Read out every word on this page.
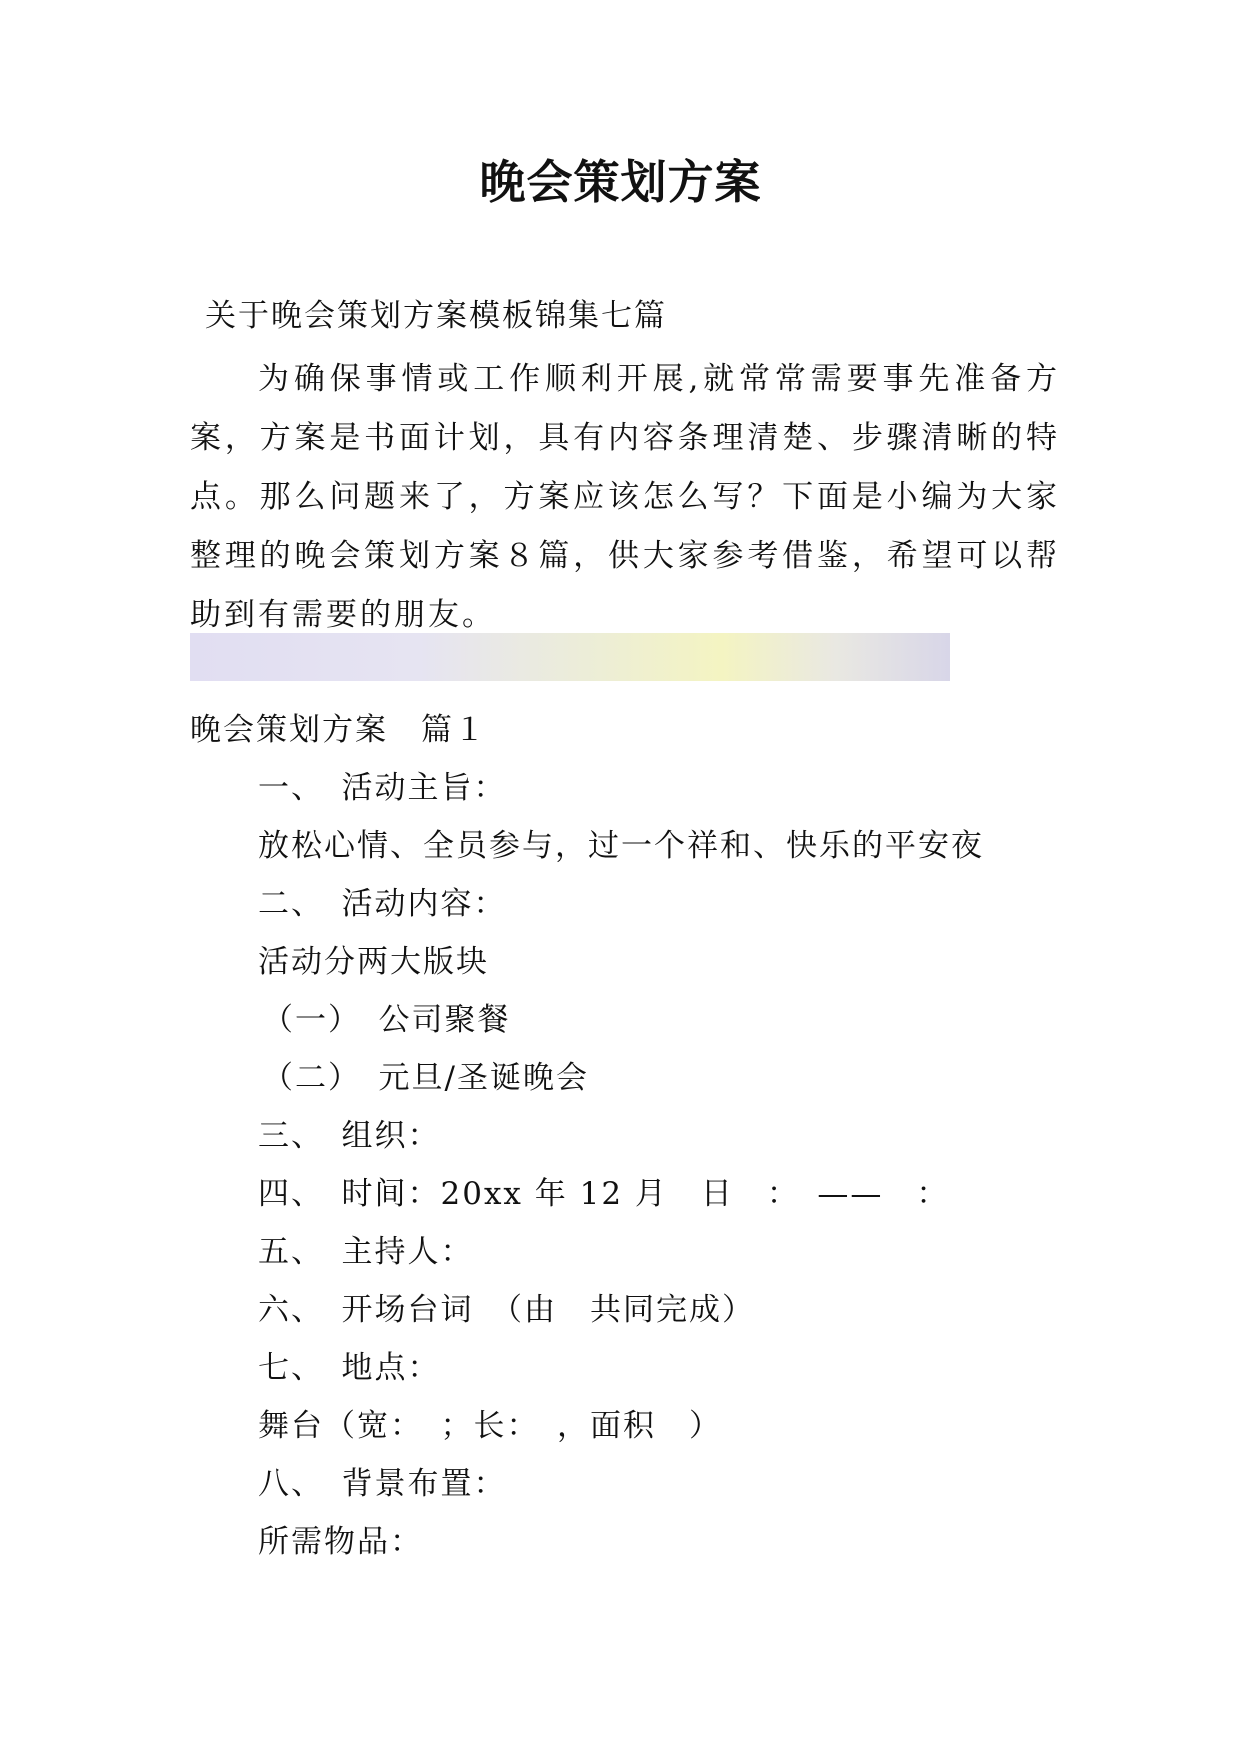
晚会策划方案
关于晚会策划方案模板锦集七篇
为确保事情或工作顺利开展,就常常需要事先准备方案，方案是书面计划，具有内容条理清楚、步骤清晰的特点。那么问题来了，方案应该怎么写？下面是小编为大家整理的晚会策划方案８篇，供大家参考借鉴，希望可以帮助到有需要的朋友。
晚会策划方案　篇１
一、　活动主旨：
放松心情、全员参与，过一个祥和、快乐的平安夜
二、　活动内容：
活动分两大版块
（一）　公司聚餐
（二）　元旦/圣诞晚会
三、　组织：
四、　时间：20xx 年 12 月　日　：　——　：
五、　主持人：
六、　开场台词　（由　共同完成）
七、　地点：
舞台（宽：　；长：　，面积　）
八、　背景布置：
所需物品：
